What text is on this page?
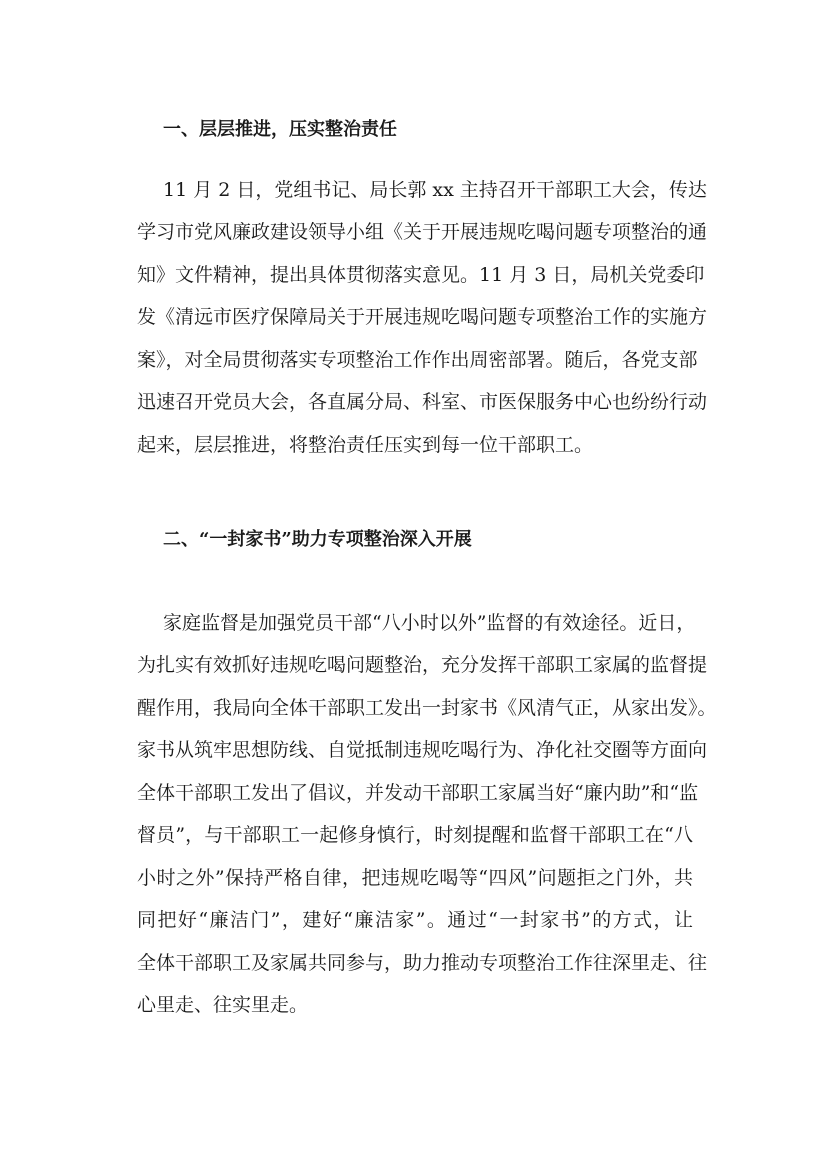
一、层层推进，压实整治责任
11 月 2 日，党组书记、局长郭 xx 主持召开干部职工大会，传达
学习市党风廉政建设领导小组《关于开展违规吃喝问题专项整治的通
知》文件精神，提出具体贯彻落实意见。11 月 3 日，局机关党委印
发《清远市医疗保障局关于开展违规吃喝问题专项整治工作的实施方
案》，对全局贯彻落实专项整治工作作出周密部署。随后，各党支部
迅速召开党员大会，各直属分局、科室、市医保服务中心也纷纷行动
起来，层层推进，将整治责任压实到每一位干部职工。
二、“一封家书”助力专项整治深入开展
家庭监督是加强党员干部“八小时以外”监督的有效途径。近日，
为扎实有效抓好违规吃喝问题整治，充分发挥干部职工家属的监督提
醒作用，我局向全体干部职工发出一封家书《风清气正，从家出发》。
家书从筑牢思想防线、自觉抵制违规吃喝行为、净化社交圈等方面向
全体干部职工发出了倡议，并发动干部职工家属当好“廉内助”和“监
督员”，与干部职工一起修身慎行，时刻提醒和监督干部职工在“八
小时之外”保持严格自律，把违规吃喝等“四风”问题拒之门外，共
同把好“廉洁门”，建好“廉洁家”。通过“一封家书”的方式，让
全体干部职工及家属共同参与，助力推动专项整治工作往深里走、往
心里走、往实里走。
